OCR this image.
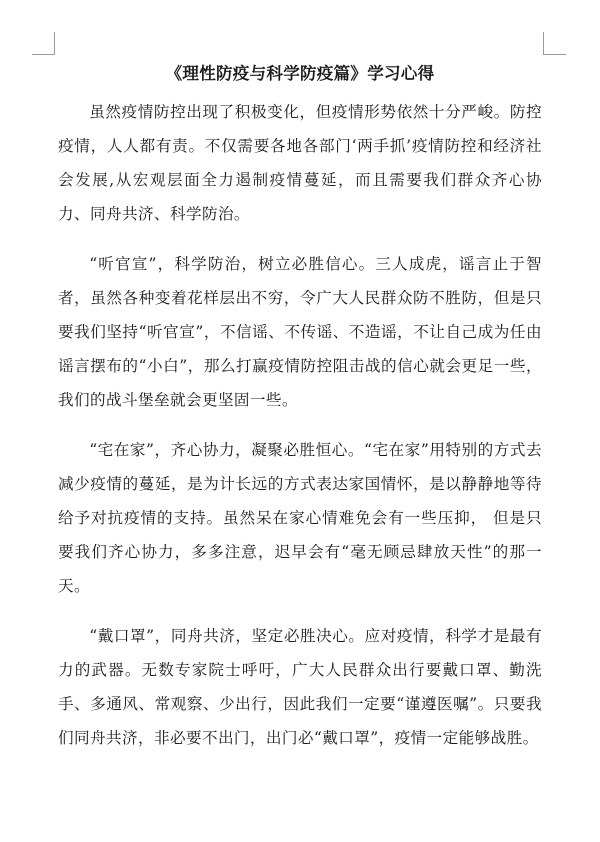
《理性防疫与科学防疫篇》学习心得

虽然疫情防控出现了积极变化，但疫情形势依然十分严峻。防控疫情，人人都有责。不仅需要各地各部门‘两手抓’疫情防控和经济社会发展,从宏观层面全力遏制疫情蔓延，而且需要我们群众齐心协力、同舟共济、科学防治。

“听官宣”，科学防治，树立必胜信心。三人成虎，谣言止于智者，虽然各种变着花样层出不穷，令广大人民群众防不胜防，但是只要我们坚持“听官宣”，不信谣、不传谣、不造谣，不让自己成为任由谣言摆布的“小白”，那么打赢疫情防控阻击战的信心就会更足一些，我们的战斗堡垒就会更坚固一些。

“宅在家”，齐心协力，凝聚必胜恒心。“宅在家”用特别的方式去减少疫情的蔓延，是为计长远的方式表达家国情怀，是以静静地等待给予对抗疫情的支持。虽然呆在家心情难免会有一些压抑， 但是只要我们齐心协力，多多注意，迟早会有“毫无顾忌肆放天性”的那一天。

“戴口罩”，同舟共济，坚定必胜决心。应对疫情，科学才是最有力的武器。无数专家院士呼吁，广大人民群众出行要戴口罩、勤洗手、多通风、常观察、少出行，因此我们一定要“谨遵医嘱”。只要我们同舟共济，非必要不出门，出门必“戴口罩”，疫情一定能够战胜。
